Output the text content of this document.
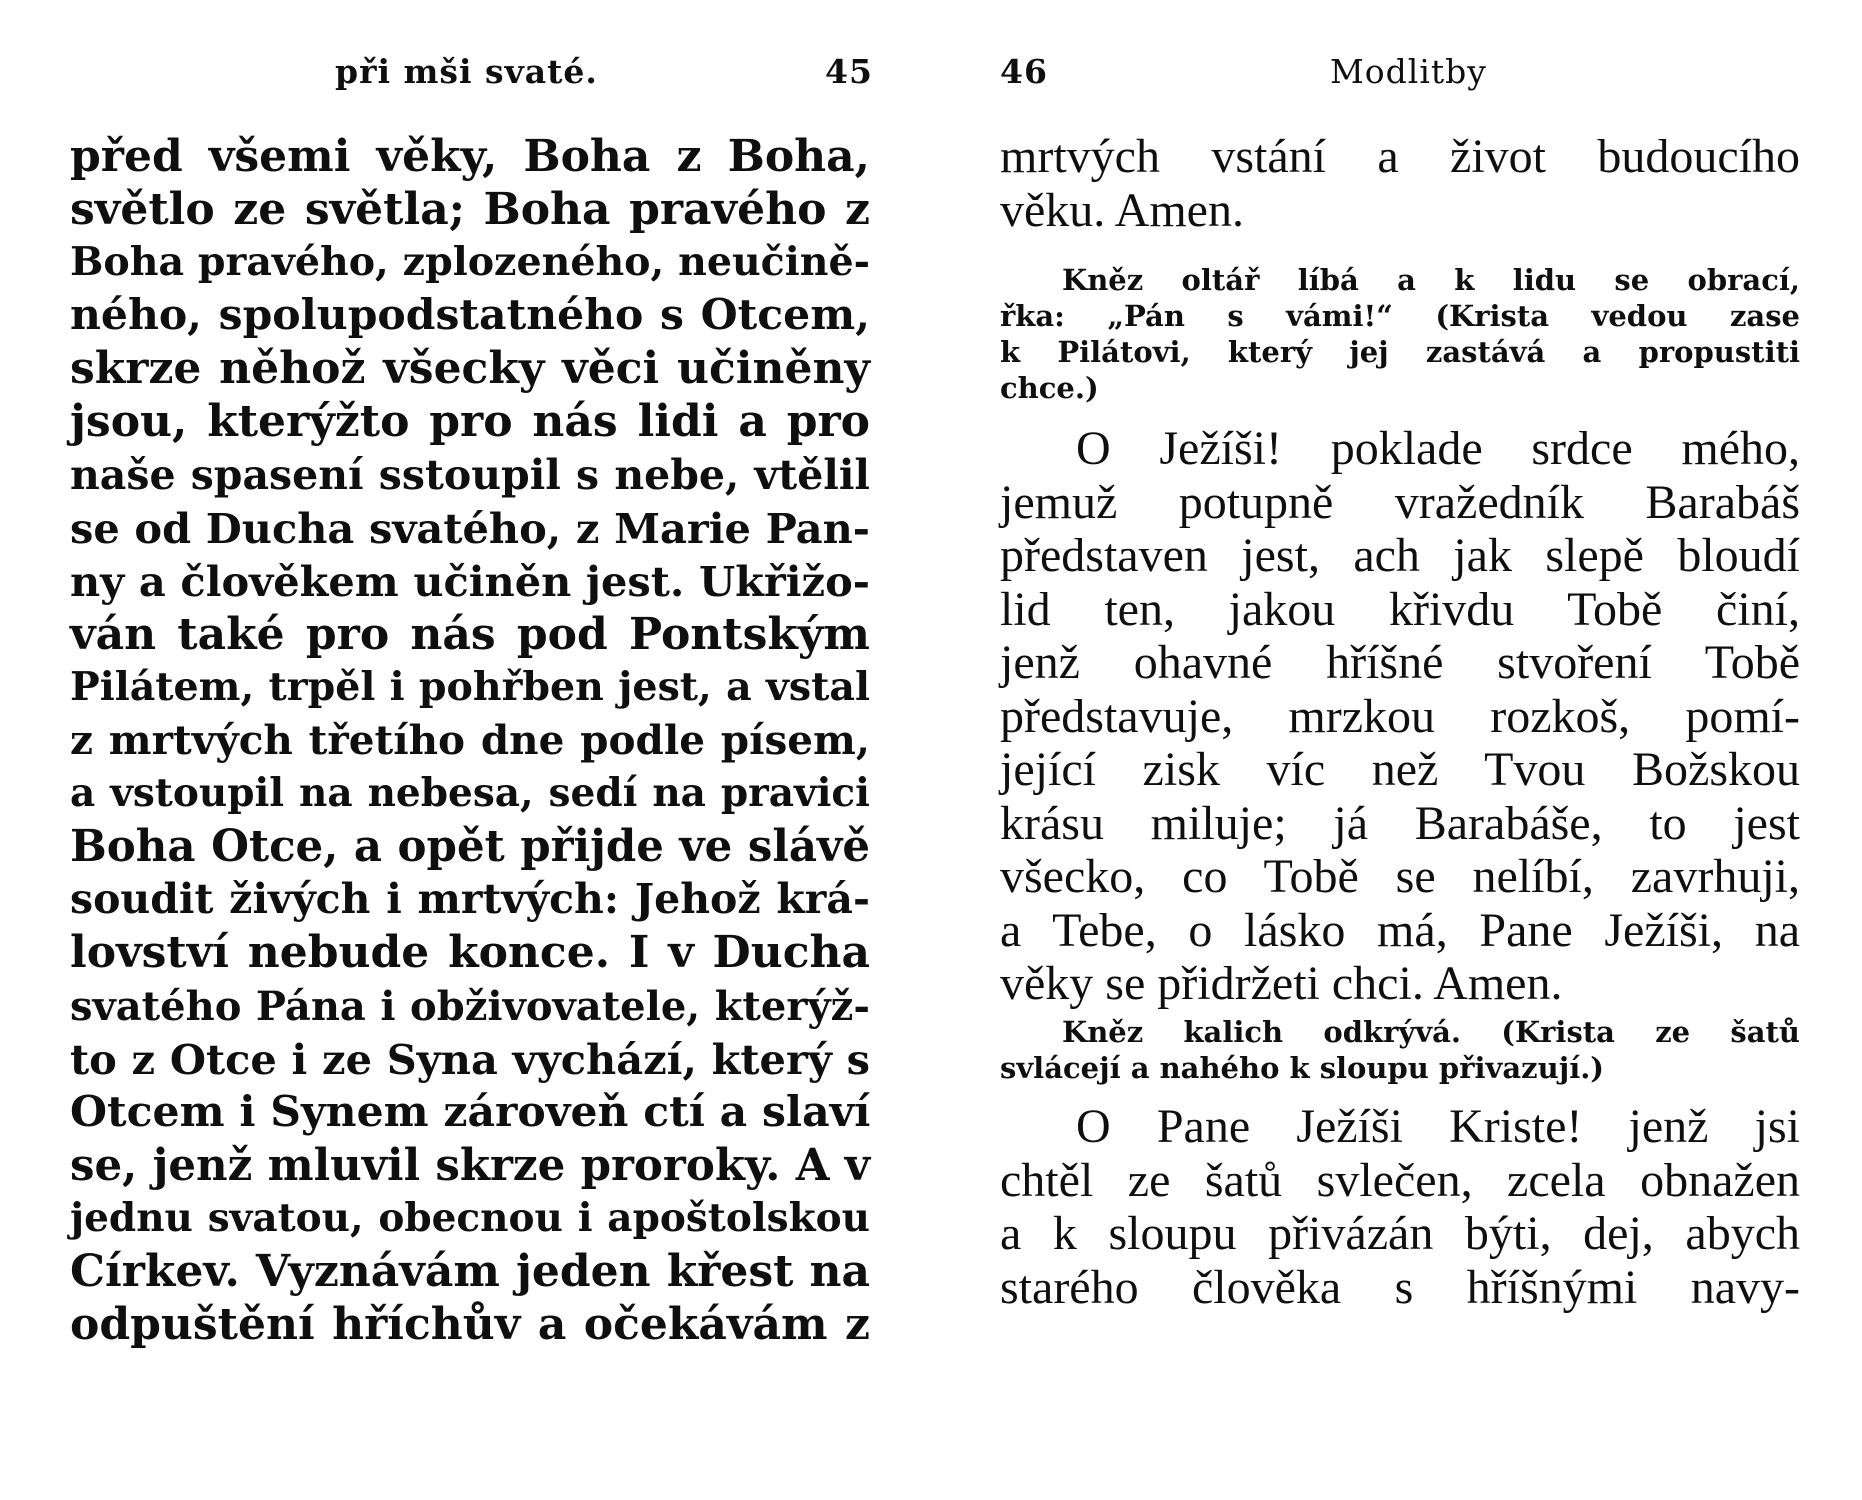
při mši svaté.	45
před všemi věky, Boha z Boha,
světlo ze světla; Boha pravého z
Boha pravého, zplozeného, neučině-
ného, spolupodstatného s Otcem,
skrze něhož všecky věci učiněny
jsou, kterýžto pro nás lidi a pro
naše spasení sstoupil s nebe, vtělil
se od Ducha svatého, z Marie Pan-
ny a člověkem učiněn jest. Ukřižo-
ván také pro nás pod Pontským
Pilátem, trpěl i pohřben jest, a vstal
z mrtvých třetího dne podle písem,
a vstoupil na nebesa, sedí na pravici
Boha Otce, a opět přijde ve slávě
soudit živých i mrtvých: Jehož krá-
lovství nebude konce. I v Ducha
svatého Pána i obživovatele, kterýž-
to z Otce i ze Syna vychází, který s
Otcem i Synem zároveň ctí a slaví
se, jenž mluvil skrze proroky. A v
jednu svatou, obecnou i apoštolskou
Církev. Vyznávám jeden křest na
odpuštění hříchův a očekávám z
46	Modlitby
mrtvých vstání a život budoucího
věku. Amen.
Kněz oltář líbá a k lidu se obrací,
řka: „Pán s vámi!“ (Krista vedou zase
k Pilátovi, který jej zastává a propustiti
chce.)
O Ježíši! poklade srdce mého,
jemuž potupně vražedník Barabáš
představen jest, ach jak slepě bloudí
lid ten, jakou křivdu Tobě činí,
jenž ohavné hříšné stvoření Tobě
představuje, mrzkou rozkoš, pomí-
jející zisk víc než Tvou Božskou
krásu miluje; já Barabáše, to jest
všecko, co Tobě se nelíbí, zavrhuji,
a Tebe, o lásko má, Pane Ježíši, na
věky se přidržeti chci. Amen.
Kněz kalich odkrývá. (Krista ze šatů
svlácejí a nahého k sloupu přivazují.)
O Pane Ježíši Kriste! jenž jsi
chtěl ze šatů svlečen, zcela obnažen
a k sloupu přivázán býti, dej, abych
starého člověka s hříšnými navy-
